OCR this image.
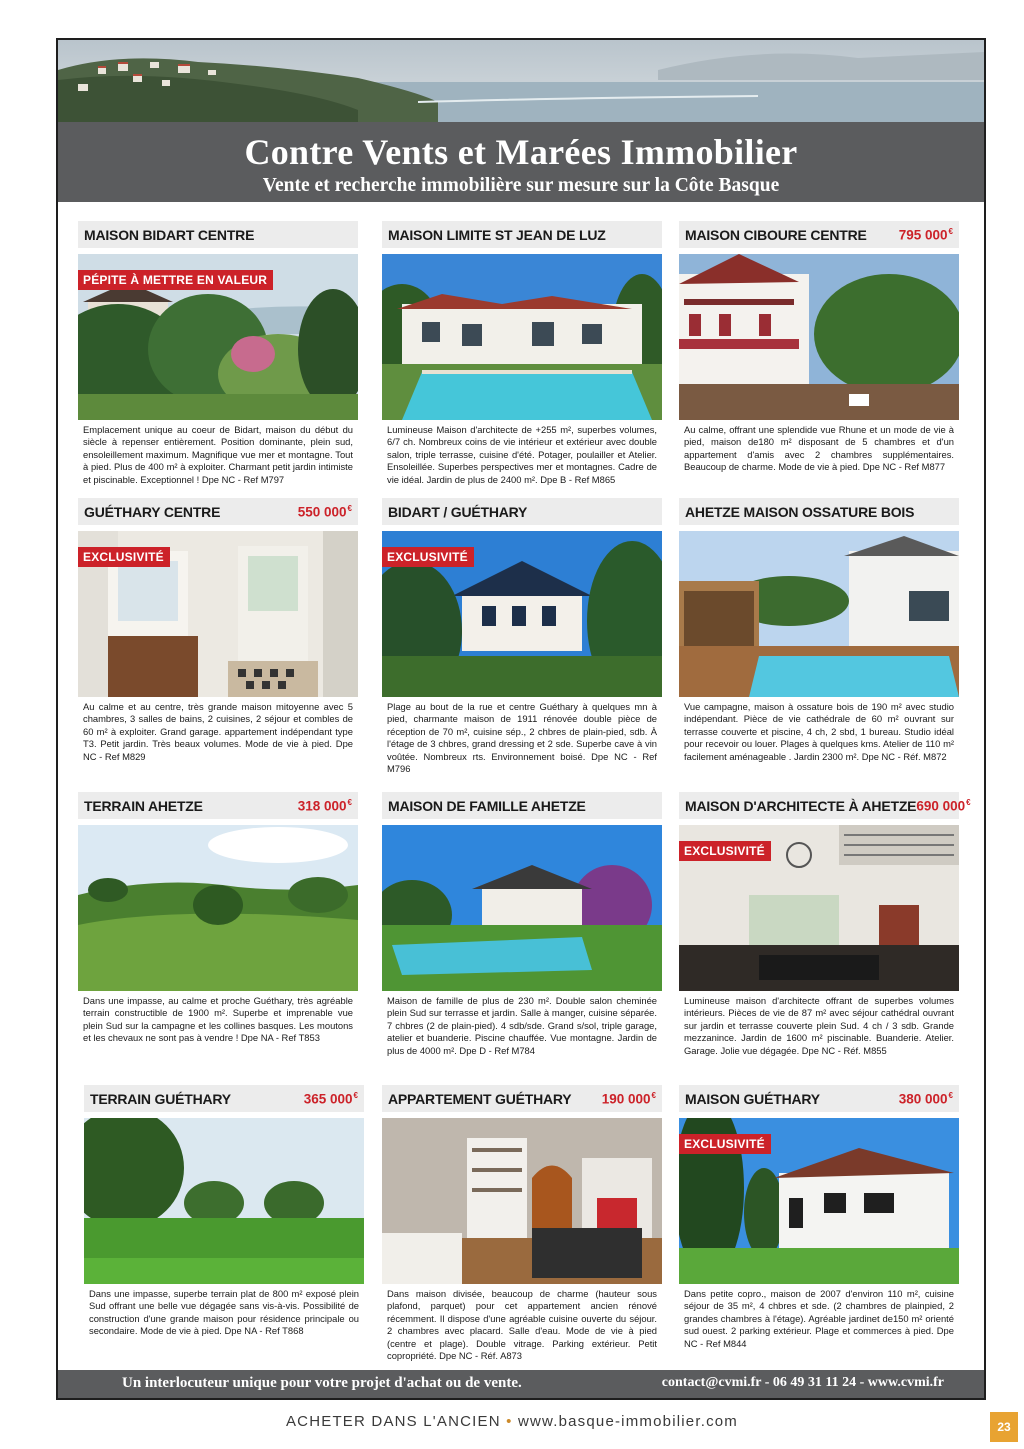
Contre Vents et Marées Immobilier
Vente et recherche immobilière sur mesure sur la Côte Basque
MAISON BIDART CENTRE
PÉPITE À METTRE EN VALEUR

Emplacement unique au coeur de Bidart, maison du début du siècle à repenser entièrement. Position dominante, plein sud, ensoleillement maximum. Magnifique vue mer et montagne. Tout à pied. Plus de 400 m² à exploiter. Charmant petit jardin intimiste et piscinable. Exceptionnel ! Dpe NC - Ref M797

MAISON LIMITE ST JEAN DE LUZ

Lumineuse Maison d'architecte de +255 m², superbes volumes, 6/7 ch. Nombreux coins de vie intérieur et extérieur avec double salon, triple terrasse, cuisine d'été. Potager, poulailler et Atelier. Ensoleillée. Superbes perspectives mer et montagnes. Cadre de vie idéal. Jardin de plus de 2400 m². Dpe B - Ref M865

MAISON CIBOURE CENTRE 795 000€

Au calme, offrant une splendide vue Rhune et un mode de vie à pied, maison de180 m² disposant de 5 chambres et d'un appartement d'amis avec 2 chambres supplémentaires. Beaucoup de charme. Mode de vie à pied. Dpe NC - Ref M877

GUÉTHARY CENTRE	550 000€
EXCLUSIVITÉ

Au calme et au centre, très grande maison mitoyenne avec 5 chambres, 3 salles de bains, 2 cuisines, 2 séjour et combles de 60 m² à exploiter. Grand garage. appartement indépendant type T3. Petit jardin. Très beaux volumes. Mode de vie à pied. Dpe NC - Ref M829

BIDART / GUÉTHARY
EXCLUSIVITÉ

Plage au bout de la rue et centre Guéthary à quelques mn à pied, charmante maison de 1911 rénovée double pièce de réception de 70 m², cuisine sép., 2 chbres de plain-pied, sdb. À l'étage de 3 chbres, grand dressing et 2 sde. Superbe cave à vin voûtée. Nombreux rts. Environnement boisé. Dpe NC - Ref M796

AHETZE MAISON OSSATURE BOIS

Vue campagne, maison à ossature bois de 190 m² avec studio indépendant. Pièce de vie cathédrale de 60 m² ouvrant sur terrasse couverte et piscine, 4 ch, 2 sbd, 1 bureau. Studio idéal pour recevoir ou louer. Plages à quelques kms. Atelier de 110 m² facilement aménageable . Jardin 2300 m². Dpe NC - Réf. M872

TERRAIN AHETZE	318 000€

Dans une impasse, au calme et proche Guéthary, très agréable terrain constructible de 1900 m². Superbe et imprenable vue plein Sud sur la campagne et les collines basques. Les moutons et les chevaux ne sont pas à vendre ! Dpe NA - Ref T853

MAISON DE FAMILLE AHETZE

Maison de famille de plus de 230 m². Double salon cheminée plein Sud sur terrasse et jardin. Salle à manger, cuisine séparée. 7 chbres (2 de plain-pied). 4 sdb/sde. Grand s/sol, triple garage, atelier et buanderie. Piscine chauffée. Vue montagne. Jardin de plus de 4000 m². Dpe D - Ref M784

MAISON D'ARCHITECTE À AHETZE 690 000€
EXCLUSIVITÉ

Lumineuse maison d'architecte offrant de superbes volumes intérieurs. Pièces de vie de 87 m² avec séjour cathédral ouvrant sur jardin et terrasse couverte plein Sud. 4 ch / 3 sdb. Grande mezzanince. Jardin de 1600 m² piscinable. Buanderie. Atelier. Garage. Jolie vue dégagée. Dpe NC - Réf. M855

TERRAIN GUÉTHARY	365 000€

Dans une impasse, superbe terrain plat de 800 m² exposé plein Sud offrant une belle vue dégagée sans vis-à-vis. Possibilité de construction d'une grande maison pour résidence principale ou secondaire. Mode de vie à pied. Dpe NA - Ref T868

APPARTEMENT GUÉTHARY 190 000€

Dans maison divisée, beaucoup de charme (hauteur sous plafond, parquet) pour cet appartement ancien rénové récemment. Il dispose d'une agréable cuisine ouverte du séjour. 2 chambres avec placard. Salle d'eau. Mode de vie à pied (centre et plage). Double vitrage. Parking extérieur. Petit copropriété. Dpe NC - Réf. A873

MAISON GUÉTHARY	380 000€
EXCLUSIVITÉ

Dans petite copro., maison de 2007 d'environ 110 m², cuisine séjour de 35 m², 4 chbres et sde. (2 chambres de plainpied, 2 grandes chambres à l'étage). Agréable jardinet de150 m² orienté sud ouest. 2 parking extérieur. Plage et commerces à pied. Dpe NC - Ref M844

Un interlocuteur unique pour votre projet d'achat ou de vente.	contact@cvmi.fr - 06 49 31 11 24 - www.cvmi.fr
ACHETER DANS L'ANCIEN • www.basque-immobilier.com	23
